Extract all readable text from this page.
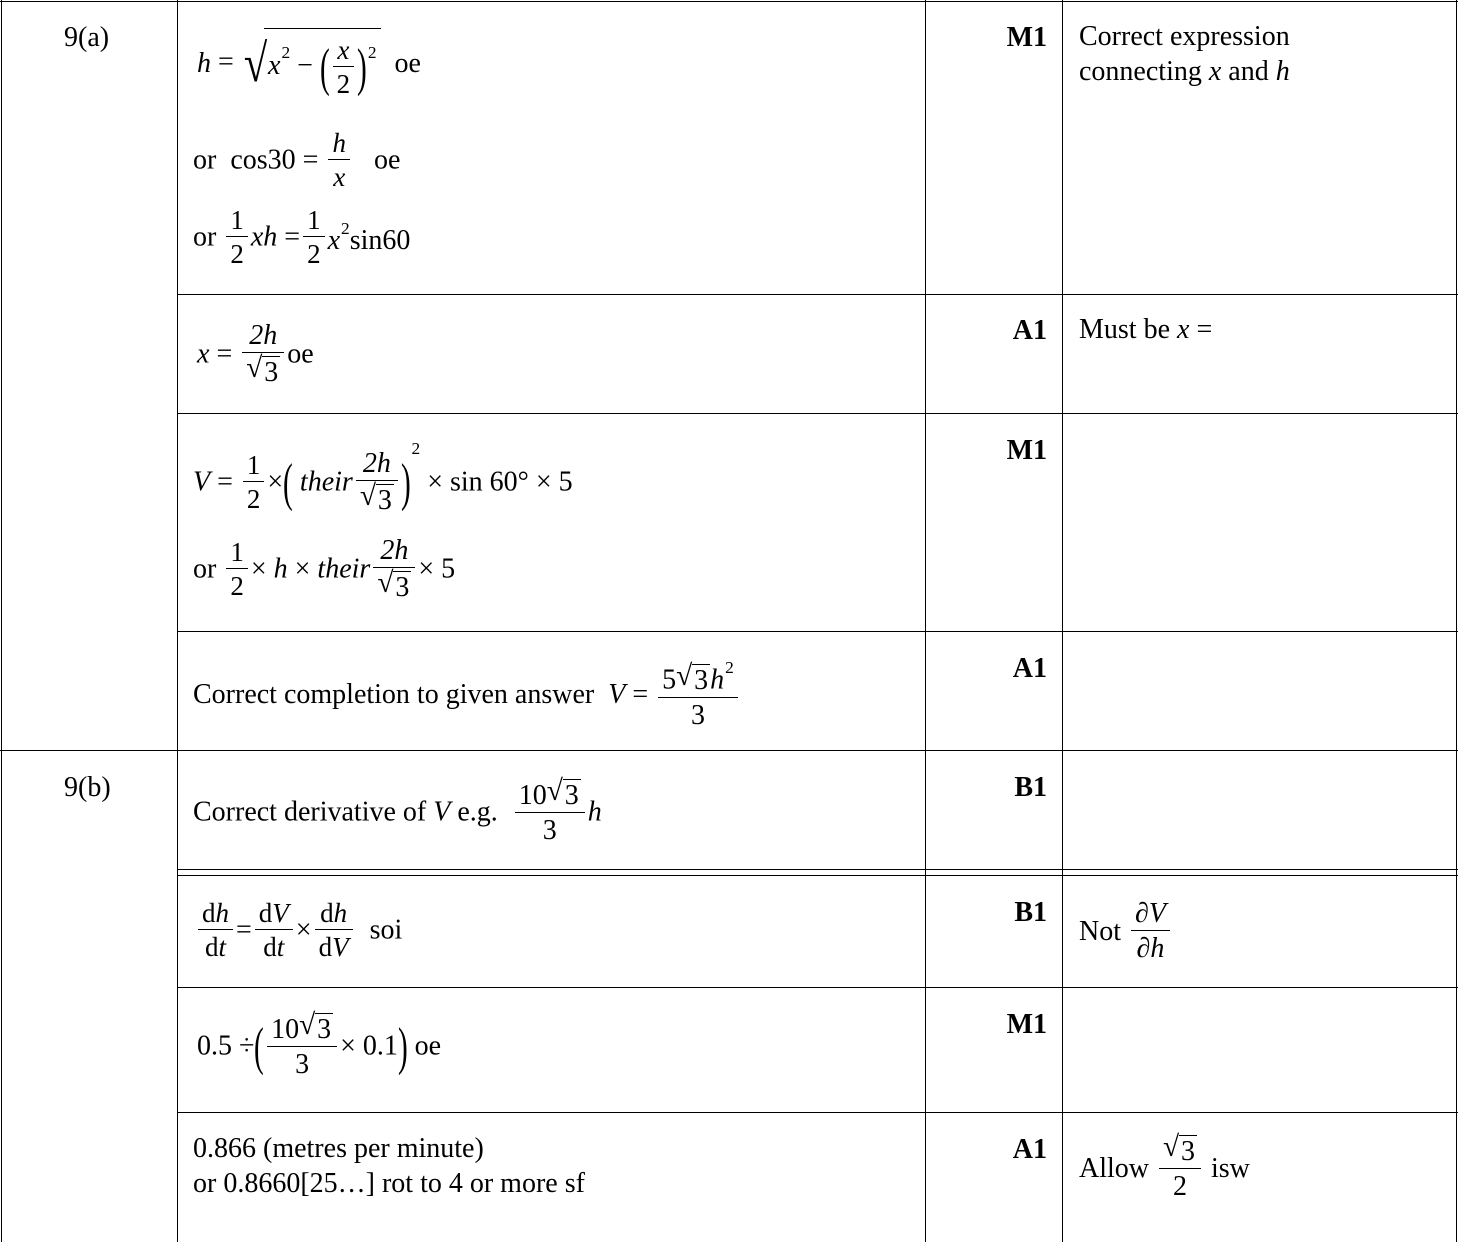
9(a)
9(b)
M1
A1
M1
A1
B1
B1
M1
A1
Correct expression
connecting x and h
Must be x =
Not $\frac{\partial V}{\partial h}$
Allow √ $\frac{3}{2}$ isw
$h = √x^2$ − ( $\frac{x}{2} )^2$ oe
or $\cos 30 = \frac{h}{x}$ oe
or $\frac{1}{2}$ xh = $\frac{1}{2} x^2\sin 60$
x = 2h
√ 3 oe
$V = \frac{1}{2}$ ×( their 2h
√ 3 )$^2$ × sin 60° × 5
or $\frac{1}{2} \times h$ × their 2h
√ 3 × 5
Correct completion to given answer $V = \frac{5 √ 3h^2}{3}$
Correct derivative of V e.g. $\frac{10 √ 3}{3}$ h
$\frac{dh}{dt} = \frac{dV}{dt} \times \frac{dh}{dV}$ soi
0.5 ÷( $\frac{10 √ 3}{3} \times 0.1$) oe
0.866 (metres per minute)
or 0.8660[25…] rot to 4 or more sf
